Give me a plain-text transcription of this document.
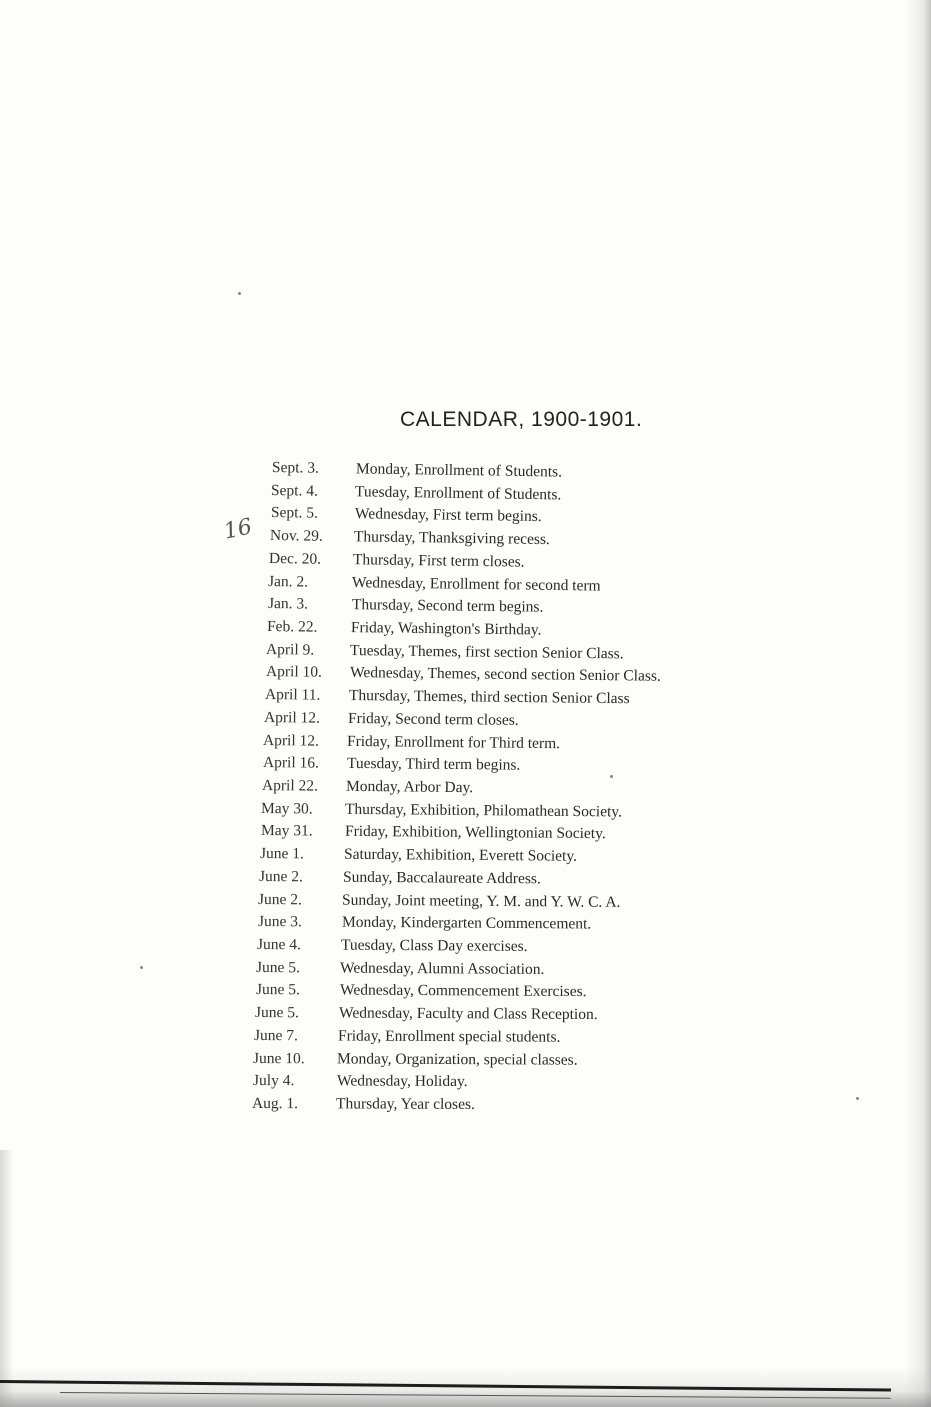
CALENDAR, 1900-1901.
16
Sept. 3. Monday, Enrollment of Students.
Sept. 4. Tuesday, Enrollment of Students.
Sept. 5. Wednesday, First term begins.
Nov. 29. Thursday, Thanksgiving recess.
Dec. 20. Thursday, First term closes.
Jan. 2.	Wednesday, Enrollment for second term
Jan. 3.	Thursday, Second term begins.
Feb. 22. Friday, Washington's Birthday.
April 9. Tuesday, Themes, first section Senior Class.
April 10. Wednesday, Themes, second section Senior Class.
April 11. Thursday, Themes, third section Senior Class
April 12. Friday, Second term closes.
April 12. Friday, Enrollment for Third term.
April 16. Tuesday, Third term begins.
April 22. Monday, Arbor Day.
May 30. Thursday, Exhibition, Philomathean Society.
May 31. Friday, Exhibition, Wellingtonian Society.
June 1.	Saturday, Exhibition, Everett Society.
June 2.	Sunday, Baccalaureate Address.
June 2.	Sunday, Joint meeting, Y. M. and Y. W. C. A.
June 3.	Monday, Kindergarten Commencement.
June 4.	Tuesday, Class Day exercises.
June 5.	Wednesday, Alumni Association.
June 5.	Wednesday, Commencement Exercises.
June 5.	Wednesday, Faculty and Class Reception.
June 7.	Friday, Enrollment special students.
June 10. Monday, Organization, special classes.
July 4.	Wednesday, Holiday.
Aug. 1. Thursday, Year closes.
